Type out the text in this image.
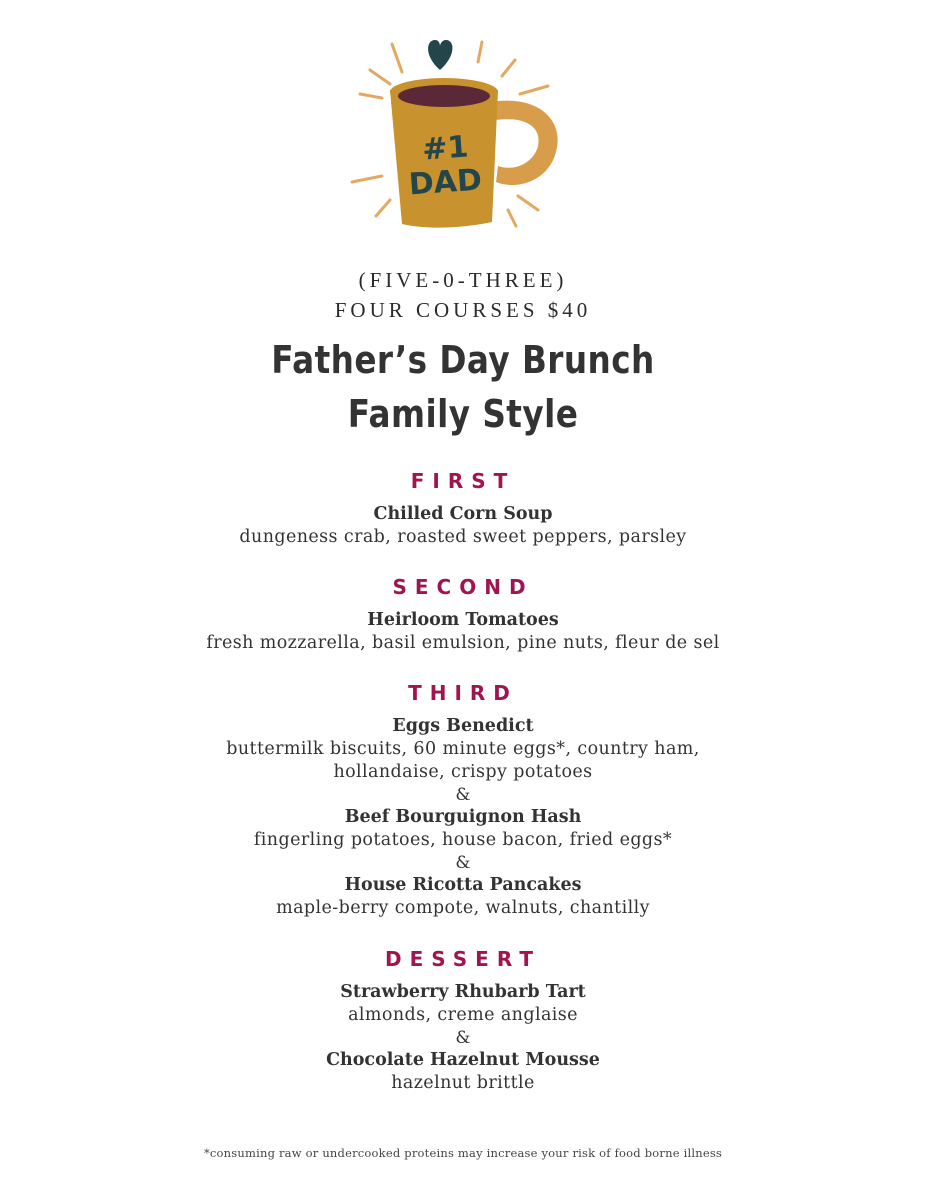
#1
DAD
(FIVE-0-THREE)
FOUR COURSES $40
Father’s Day Brunch
Family Style
FIRST
Chilled Corn Soup
dungeness crab, roasted sweet peppers, parsley
SECOND
Heirloom Tomatoes
fresh mozzarella, basil emulsion, pine nuts, fleur de sel
THIRD
Eggs Benedict
buttermilk biscuits, 60 minute eggs*, country ham,
hollandaise, crispy potatoes
&
Beef Bourguignon Hash
fingerling potatoes, house bacon, fried eggs*
&
House Ricotta Pancakes
maple-berry compote, walnuts, chantilly
DESSERT
Strawberry Rhubarb Tart
almonds, creme anglaise
&
Chocolate Hazelnut Mousse
hazelnut brittle
*consuming raw or undercooked proteins may increase your risk of food borne illness
